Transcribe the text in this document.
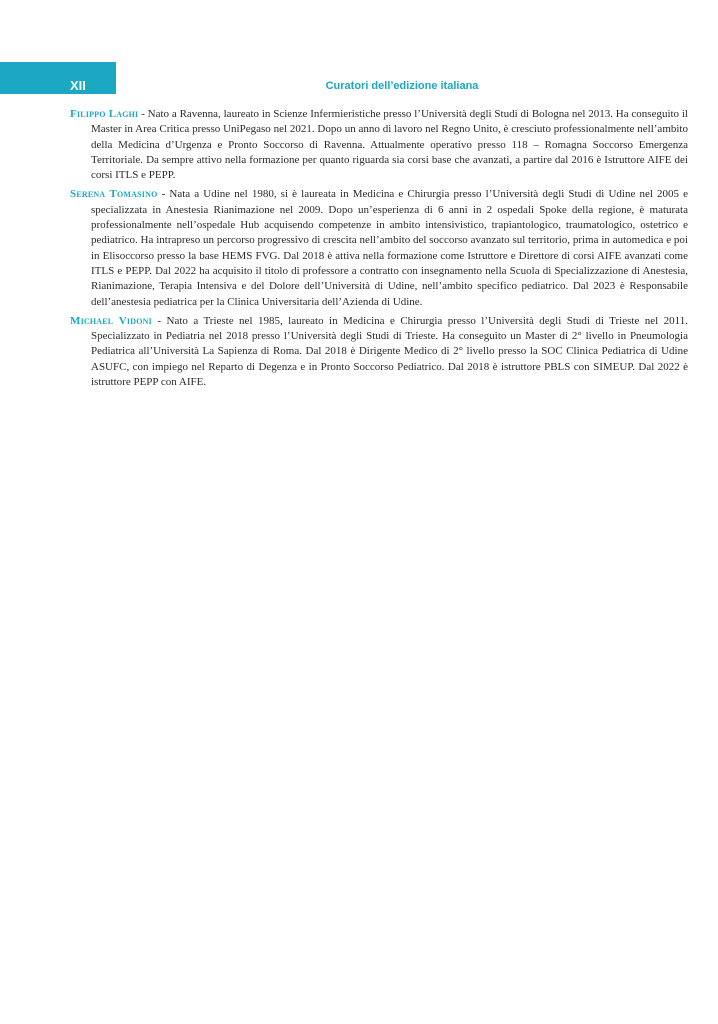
XII	Curatori dell’edizione italiana

Filippo Laghi - Nato a Ravenna, laureato in Scienze Infermieristiche presso l’Università degli Studi di Bologna nel 2013. Ha conseguito il Master in Area Critica presso UniPegaso nel 2021. Dopo un anno di lavoro nel Regno Unito, è cresciuto professionalmente nell’ambito della Medicina d’Urgenza e Pronto Soccorso di Ravenna. Attualmente operativo presso 118 – Romagna Soccorso Emergenza Territoriale. Da sempre attivo nella formazione per quanto riguarda sia corsi base che avanzati, a partire dal 2016 è Istruttore AIFE dei corsi ITLS e PEPP.

Serena Tomasino - Nata a Udine nel 1980, si è laureata in Medicina e Chirurgia presso l’Università degli Studi di Udine nel 2005 e specializzata in Anestesia Rianimazione nel 2009. Dopo un’esperienza di 6 anni in 2 ospedali Spoke della regione, è maturata professionalmente nell’ospedale Hub acquisendo competenze in ambito intensivistico, trapiantologico, traumatologico, ostetrico e pediatrico. Ha intrapreso un percorso progressivo di crescita nell’ambito del soccorso avanzato sul territorio, prima in automedica e poi in Elisoccorso presso la base HEMS FVG. Dal 2018 è attiva nella formazione come Istruttore e Direttore di corsi AIFE avanzati come ITLS e PEPP. Dal 2022 ha acquisito il titolo di professore a contratto con insegnamento nella Scuola di Specializzazione di Anestesia, Rianimazione, Terapia Intensiva e del Dolore dell’Università di Udine, nell’ambito specifico pediatrico. Dal 2023 è Responsabile dell’anestesia pediatrica per la Clinica Universitaria dell’Azienda di Udine.

Michael Vidoni - Nato a Trieste nel 1985, laureato in Medicina e Chirurgia presso l’Università degli Studi di Trieste nel 2011. Specializzato in Pediatria nel 2018 presso l’Università degli Studi di Trieste. Ha conseguito un Master di 2° livello in Pneumologia Pediatrica all’Università La Sapienza di Roma. Dal 2018 è Dirigente Medico di 2° livello presso la SOC Clinica Pediatrica di Udine ASUFC, con impiego nel Reparto di Degenza e in Pronto Soccorso Pediatrico. Dal 2018 è istruttore PBLS con SIMEUP. Dal 2022 è istruttore PEPP con AIFE.
